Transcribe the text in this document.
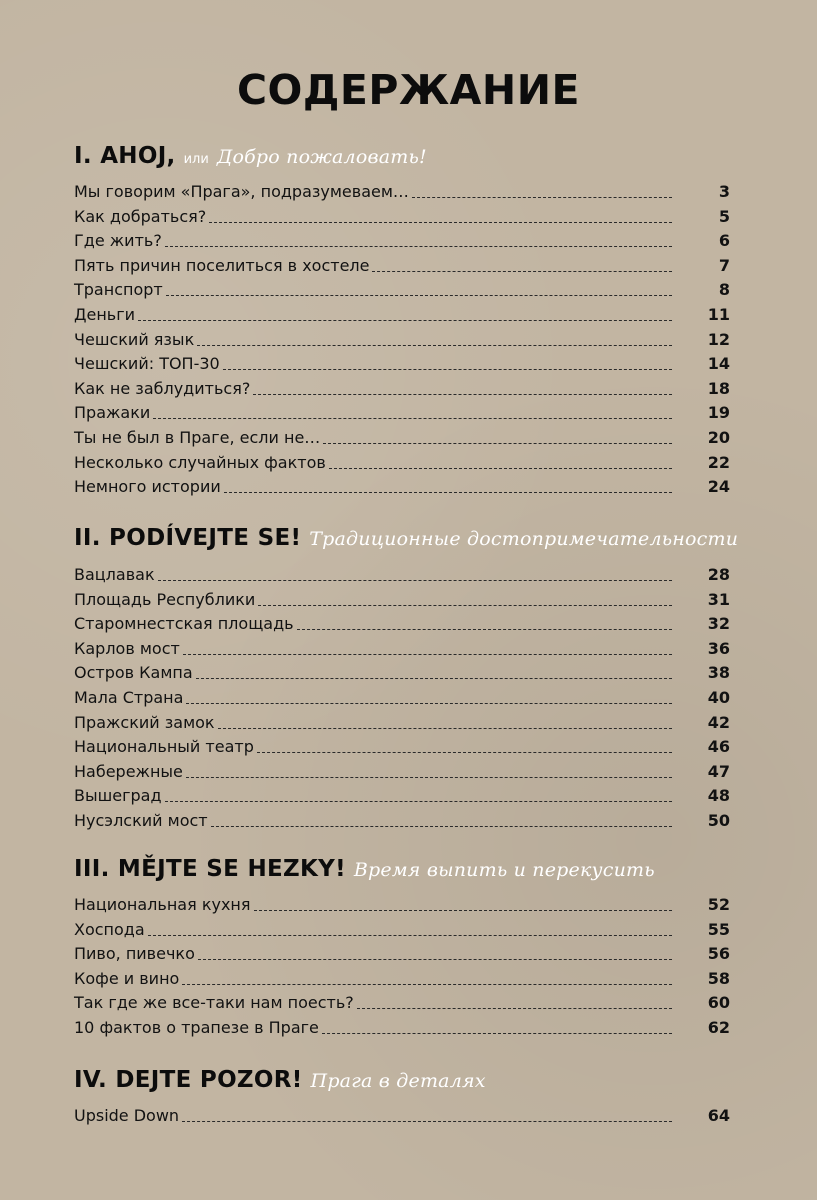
СОДЕРЖАНИЕ
I. AHOJ, или Добро пожаловать!
Мы говорим «Прага», подразумеваем…	3
Как добраться?	5
Где жить?	6
Пять причин поселиться в хостеле	7
Транспорт	8
Деньги	11
Чешский язык	12
Чешский: ТОП-30	14
Как не заблудиться?	18
Пражаки	19
Ты не был в Праге, если не…	20
Несколько случайных фактов	22
Немного истории	24
II. PODÍVEJTE SE! Традиционные достопримечательности
Вацлавак	28
Площадь Республики	31
Старомнестская площадь	32
Карлов мост	36
Остров Кампа	38
Мала Страна	40
Пражский замок	42
Национальный театр	46
Набережные	47
Вышеград	48
Нусэлский мост	50
III. MĚJTE SE HEZKY! Время выпить и перекусить
Национальная кухня	52
Хоспода	55
Пиво, пивечко	56
Кофе и вино	58
Так где же все-таки нам поесть?	60
10 фактов о трапезе в Праге	62
IV. DEJTE POZOR! Прага в деталях
Upside Down	64
